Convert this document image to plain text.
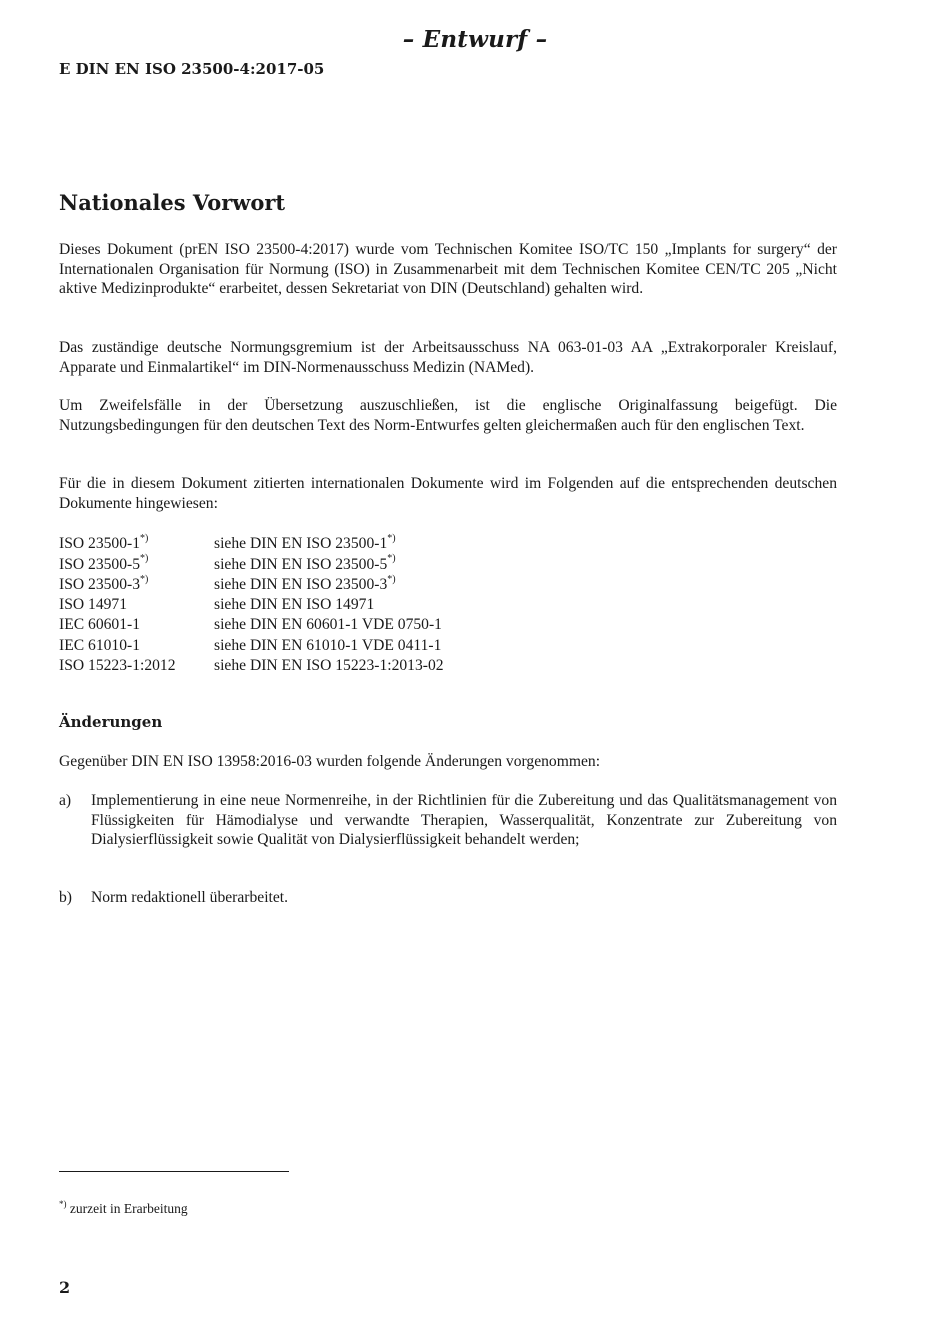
– Entwurf –
E DIN EN ISO 23500-4:2017-05
Nationales Vorwort

Dieses Dokument (prEN ISO 23500-4:2017) wurde vom Technischen Komitee ISO/TC 150 „Implants for surgery“ der Internationalen Organisation für Normung (ISO) in Zusammenarbeit mit dem Technischen Komitee CEN/TC 205 „Nicht aktive Medizinprodukte“ erarbeitet, dessen Sekretariat von DIN (Deutschland) gehalten wird.

Das zuständige deutsche Normungsgremium ist der Arbeitsausschuss NA 063-01-03 AA „Extrakorporaler Kreislauf, Apparate und Einmalartikel“ im DIN-Normenausschuss Medizin (NAMed).

Um Zweifelsfälle in der Übersetzung auszuschließen, ist die englische Originalfassung beigefügt. Die Nutzungsbedingungen für den deutschen Text des Norm-Entwurfes gelten gleichermaßen auch für den englischen Text.

Für die in diesem Dokument zitierten internationalen Dokumente wird im Folgenden auf die entsprechenden deutschen Dokumente hingewiesen:

ISO 23500-1*)	siehe DIN EN ISO 23500-1*)
ISO 23500-5*)	siehe DIN EN ISO 23500-5*)
ISO 23500-3*)	siehe DIN EN ISO 23500-3*)
ISO 14971	siehe DIN EN ISO 14971
IEC 60601-1	siehe DIN EN 60601-1 VDE 0750-1
IEC 61010-1	siehe DIN EN 61010-1 VDE 0411-1
ISO 15223-1:2012	siehe DIN EN ISO 15223-1:2013-02
Änderungen

Gegenüber DIN EN ISO 13958:2016-03 wurden folgende Änderungen vorgenommen:

a)	Implementierung in eine neue Normenreihe, in der Richtlinien für die Zubereitung und das Qualitätsmanagement von Flüssigkeiten für Hämodialyse und verwandte Therapien, Wasserqualität, Konzentrate zur Zubereitung von Dialysierflüssigkeit sowie Qualität von Dialysierflüssigkeit behandelt werden;
b)	Norm redaktionell überarbeitet.
*) zurzeit in Erarbeitung
2
